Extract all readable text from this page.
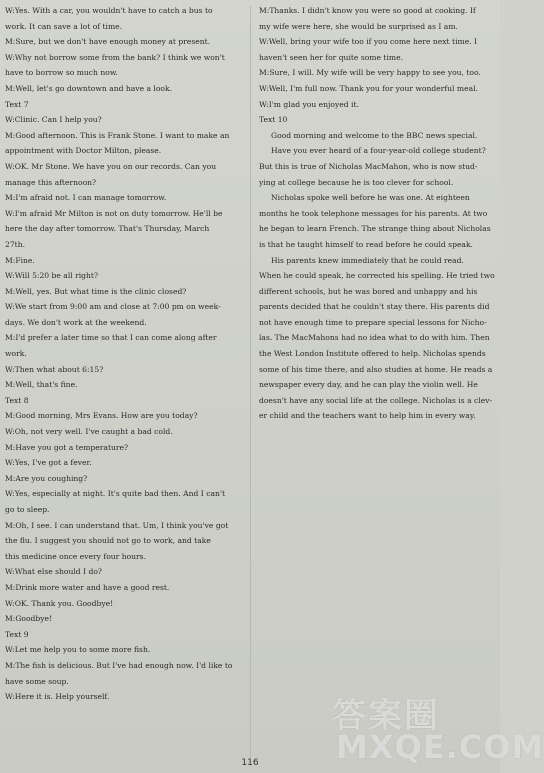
W:Yes. With a car, you wouldn't have to catch a bus to
work. It can save a lot of time.
M:Sure, but we don't have enough money at present.
W:Why not borrow some from the bank? I think we won't
have to borrow so much now.
M:Well, let's go downtown and have a look.
Text 7
W:Clinic. Can I help you?
M:Good afternoon. This is Frank Stone. I want to make an
appointment with Doctor Milton, please.
W:OK. Mr Stone. We have you on our records. Can you
manage this afternoon?
M:I'm afraid not. I can manage tomorrow.
W:I'm afraid Mr Milton is not on duty tomorrow. He'll be
here the day after tomorrow. That's Thursday, March
27th.
M:Fine.
W:Will 5:20 be all right?
M:Well, yes. But what time is the clinic closed?
W:We start from 9:00 am and close at 7:00 pm on week-
days. We don't work at the weekend.
M:I'd prefer a later time so that I can come along after
work.
W:Then what about 6:15?
M:Well, that's fine.
Text 8
M:Good morning, Mrs Evans. How are you today?
W:Oh, not very well. I've caught a bad cold.
M:Have you got a temperature?
W:Yes, I've got a fever.
M:Are you coughing?
W:Yes, especially at night. It's quite bad then. And I can't
go to sleep.
M:Oh, I see. I can understand that. Um, I think you've got
the flu. I suggest you should not go to work, and take
this medicine once every four hours.
W:What else should I do?
M:Drink more water and have a good rest.
W:OK. Thank you. Goodbye!
M:Goodbye!
Text 9
W:Let me help you to some more fish.
M:The fish is delicious. But I've had enough now. I'd like to
have some soup.
W:Here it is. Help yourself.
M:Thanks. I didn't know you were so good at cooking. If
my wife were here, she would be surprised as I am.
W:Well, bring your wife too if you come here next time. I
haven't seen her for quite some time.
M:Sure, I will. My wife will be very happy to see you, too.
W:Well, I'm full now. Thank you for your wonderful meal.
W:I'm glad you enjoyed it.
Text 10
Good morning and welcome to the BBC news special.
Have you ever heard of a four-year-old college student?
But this is true of Nicholas MacMahon, who is now stud-
ying at college because he is too clever for school.
Nicholas spoke well before he was one. At eighteen
months he took telephone messages for his parents. At two
he began to learn French. The strange thing about Nicholas
is that he taught himself to read before he could speak.
His parents knew immediately that he could read.
When he could speak, he corrected his spelling. He tried two
different schools, but he was bored and unhappy and his
parents decided that he couldn't stay there. His parents did
not have enough time to prepare special lessons for Nicho-
las. The MacMahons had no idea what to do with him. Then
the West London Institute offered to help. Nicholas spends
some of his time there, and also studies at home. He reads a
newspaper every day, and he can play the violin well. He
doesn't have any social life at the college. Nicholas is a clev-
er child and the teachers want to help him in every way.
116
答案圈
MXQE.COM
